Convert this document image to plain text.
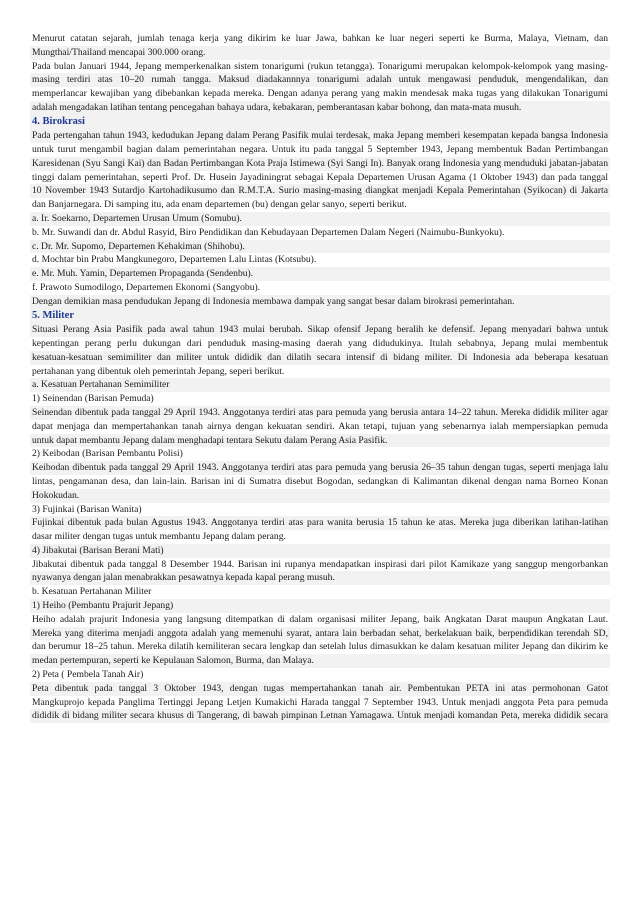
Menurut catatan sejarah, jumlah tenaga kerja yang dikirim ke luar Jawa, bahkan ke luar negeri seperti ke Burma, Malaya, Vietnam, dan
Mungthai/Thailand mencapai 300.000 orang.
Pada bulan Januari 1944, Jepang memperkenalkan sistem tonarigumi (rukun tetangga). Tonarigumi merupakan kelompok-kelompok yang masing-
masing terdiri atas 10–20 rumah tangga. Maksud diadakannnya tonarigumi adalah untuk mengawasi penduduk, mengendalikan, dan
memperlancar kewajiban yang dibebankan kepada mereka. Dengan adanya perang yang makin mendesak maka tugas yang dilakukan Tonarigumi
adalah mengadakan latihan tentang pencegahan bahaya udara, kebakaran, pemberantasan kabar bohong, dan mata-mata musuh.
4. Birokrasi
Pada pertengahan tahun 1943, kedudukan Jepang dalam Perang Pasifik mulai terdesak, maka Jepang memberi kesempatan kepada bangsa Indonesia
untuk turut mengambil bagian dalam pemerintahan negara. Untuk itu pada tanggal 5 September 1943, Jepang membentuk Badan Pertimbangan
Karesidenan (Syu Sangi Kai) dan Badan Pertimbangan Kota Praja Istimewa (Syi Sangi In). Banyak orang Indonesia yang menduduki jabatan-jabatan
tinggi dalam pemerintahan, seperti Prof. Dr. Husein Jayadiningrat sebagai Kepala Departemen Urusan Agama (1 Oktober 1943) dan pada tanggal
10 November 1943 Sutardjo Kartohadikusumo dan R.M.T.A. Surio masing-masing diangkat menjadi Kepala Pemerintahan (Syikocan) di Jakarta
dan Banjarnegara. Di samping itu, ada enam departemen (bu) dengan gelar sanyo, seperti berikut.
a. Ir. Soekarno, Departemen Urusan Umum (Somubu).
b. Mr. Suwandi dan dr. Abdul Rasyid, Biro Pendidikan dan Kebudayaan Departemen Dalam Negeri (Naimubu-Bunkyoku).
c. Dr. Mr. Supomo, Departemen Kehakiman (Shihobu).
d. Mochtar bin Prabu Mangkunegoro, Departemen Lalu Lintas (Kotsubu).
e. Mr. Muh. Yamin, Departemen Propaganda (Sendenbu).
f. Prawoto Sumodilogo, Departemen Ekonomi (Sangyobu).
Dengan demikian masa pendudukan Jepang di Indonesia membawa dampak yang sangat besar dalam birokrasi pemerintahan.
5. Militer
Situasi Perang Asia Pasifik pada awal tahun 1943 mulai berubah. Sikap ofensif Jepang beralih ke defensif. Jepang menyadari bahwa untuk
kepentingan perang perlu dukungan dari penduduk masing-masing daerah yang didudukinya. Itulah sebabnya, Jepang mulai membentuk
kesatuan-kesatuan semimiliter dan militer untuk dididik dan dilatih secara intensif di bidang militer. Di Indonesia ada beberapa kesatuan
pertahanan yang dibentuk oleh pemerintah Jepang, seperi berikut.
a. Kesatuan Pertahanan Semimiliter
1) Seinendan (Barisan Pemuda)
Seinendan dibentuk pada tanggal 29 April 1943. Anggotanya terdiri atas para pemuda yang berusia antara 14–22 tahun. Mereka dididik militer agar
dapat menjaga dan mempertahankan tanah airnya dengan kekuatan sendiri. Akan tetapi, tujuan yang sebenarnya ialah mempersiapkan pemuda
untuk dapat membantu Jepang dalam menghadapi tentara Sekutu dalam Perang Asia Pasifik.
2) Keibodan (Barisan Pembantu Polisi)
Keibodan dibentuk pada tanggal 29 April 1943. Anggotanya terdiri atas para pemuda yang berusia 26–35 tahun dengan tugas, seperti menjaga lalu
lintas, pengamanan desa, dan lain-lain. Barisan ini di Sumatra disebut Bogodan, sedangkan di Kalimantan dikenal dengan nama Borneo Konan
Hokokudan.
3) Fujinkai (Barisan Wanita)
Fujinkai dibentuk pada bulan Agustus 1943. Anggotanya terdiri atas para wanita berusia 15 tahun ke atas. Mereka juga diberikan latihan-latihan
dasar militer dengan tugas untuk membantu Jepang dalam perang.
4) Jibakutai (Barisan Berani Mati)
Jibakutai dibentuk pada tanggal 8 Desember 1944. Barisan ini rupanya mendapatkan inspirasi dari pilot Kamikaze yang sanggup mengorbankan
nyawanya dengan jalan menabrakkan pesawatnya kepada kapal perang musuh.
b. Kesatuan Pertahanan Militer
1) Heiho (Pembantu Prajurit Jepang)
Heiho adalah prajurit Indonesia yang langsung ditempatkan di dalam organisasi militer Jepang, baik Angkatan Darat maupun Angkatan Laut.
Mereka yang diterima menjadi anggota adalah yang memenuhi syarat, antara lain berbadan sehat, berkelakuan baik, berpendidikan terendah SD,
dan berumur 18–25 tahun. Mereka dilatih kemiliteran secara lengkap dan setelah lulus dimasukkan ke dalam kesatuan militer Jepang dan dikirim ke
medan pertempuran, seperti ke Kepulauan Salomon, Burma, dan Malaya.
2) Peta ( Pembela Tanah Air)
Peta dibentuk pada tanggal 3 Oktober 1943, dengan tugas mempertahankan tanah air. Pembentukan PETA ini atas permohonan Gatot
Mangkuprojo kepada Panglima Tertinggi Jepang Letjen Kumakichi Harada tanggal 7 September 1943. Untuk menjadi anggota Peta para pemuda
dididik di bidang militer secara khusus di Tangerang, di bawah pimpinan Letnan Yamagawa. Untuk menjadi komandan Peta, mereka dididik secara
